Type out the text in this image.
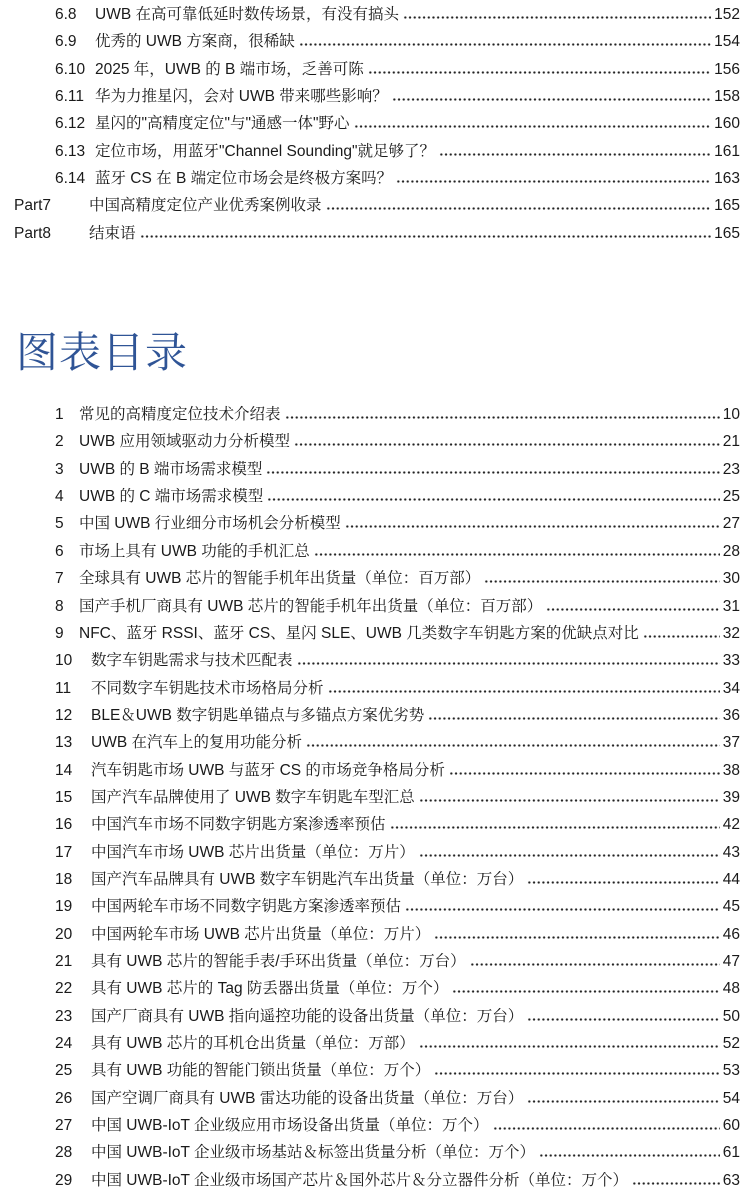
6.8	UWB 在高可靠低延时数传场景，有没有搞头	152
6.9	优秀的 UWB 方案商，很稀缺	154
6.10 2025 年，UWB 的 B 端市场，乏善可陈	156
6.11 华为力推星闪，会对 UWB 带来哪些影响？	158
6.12 星闪的"高精度定位"与"通感一体"野心	160
6.13 定位市场，用蓝牙"Channel Sounding"就足够了？	161
6.14 蓝牙 CS 在 B 端定位市场会是终极方案吗？	163
Part7	中国高精度定位产业优秀案例收录	165
Part8	结束语	165
图表目录
1 常见的高精度定位技术介绍表	10
2 UWB 应用领域驱动力分析模型	21
3 UWB 的 B 端市场需求模型	23
4 UWB 的 C 端市场需求模型	25
5 中国 UWB 行业细分市场机会分析模型	27
6 市场上具有 UWB 功能的手机汇总	28
7 全球具有 UWB 芯片的智能手机年出货量（单位：百万部）	30
8 国产手机厂商具有 UWB 芯片的智能手机年出货量（单位：百万部）	31
9 NFC、蓝牙 RSSI、蓝牙 CS、星闪 SLE、UWB 几类数字车钥匙方案的优缺点对比	32
10	数字车钥匙需求与技术匹配表	33
11	不同数字车钥匙技术市场格局分析	34
12	BLE＆UWB 数字钥匙单锚点与多锚点方案优劣势	36
13	UWB 在汽车上的复用功能分析	37
14	汽车钥匙市场 UWB 与蓝牙 CS 的市场竞争格局分析	38
15	国产汽车品牌使用了 UWB 数字车钥匙车型汇总	39
16	中国汽车市场不同数字钥匙方案渗透率预估	42
17	中国汽车市场 UWB 芯片出货量（单位：万片）	43
18	国产汽车品牌具有 UWB 数字车钥匙汽车出货量（单位：万台）	44
19	中国两轮车市场不同数字钥匙方案渗透率预估	45
20	中国两轮车市场 UWB 芯片出货量（单位：万片）	46
21	具有 UWB 芯片的智能手表/手环出货量（单位：万台）	47
22	具有 UWB 芯片的 Tag 防丢器出货量（单位：万个）	48
23	国产厂商具有 UWB 指向遥控功能的设备出货量（单位：万台）	50
24	具有 UWB 芯片的耳机仓出货量（单位：万部）	52
25	具有 UWB 功能的智能门锁出货量（单位：万个）	53
26	国产空调厂商具有 UWB 雷达功能的设备出货量（单位：万台）	54
27	中国 UWB-IoT 企业级应用市场设备出货量（单位：万个）	60
28	中国 UWB-IoT 企业级市场基站＆标签出货量分析（单位：万个）	61
29	中国 UWB-IoT 企业级市场国产芯片＆国外芯片＆分立器件分析（单位：万个）	63
